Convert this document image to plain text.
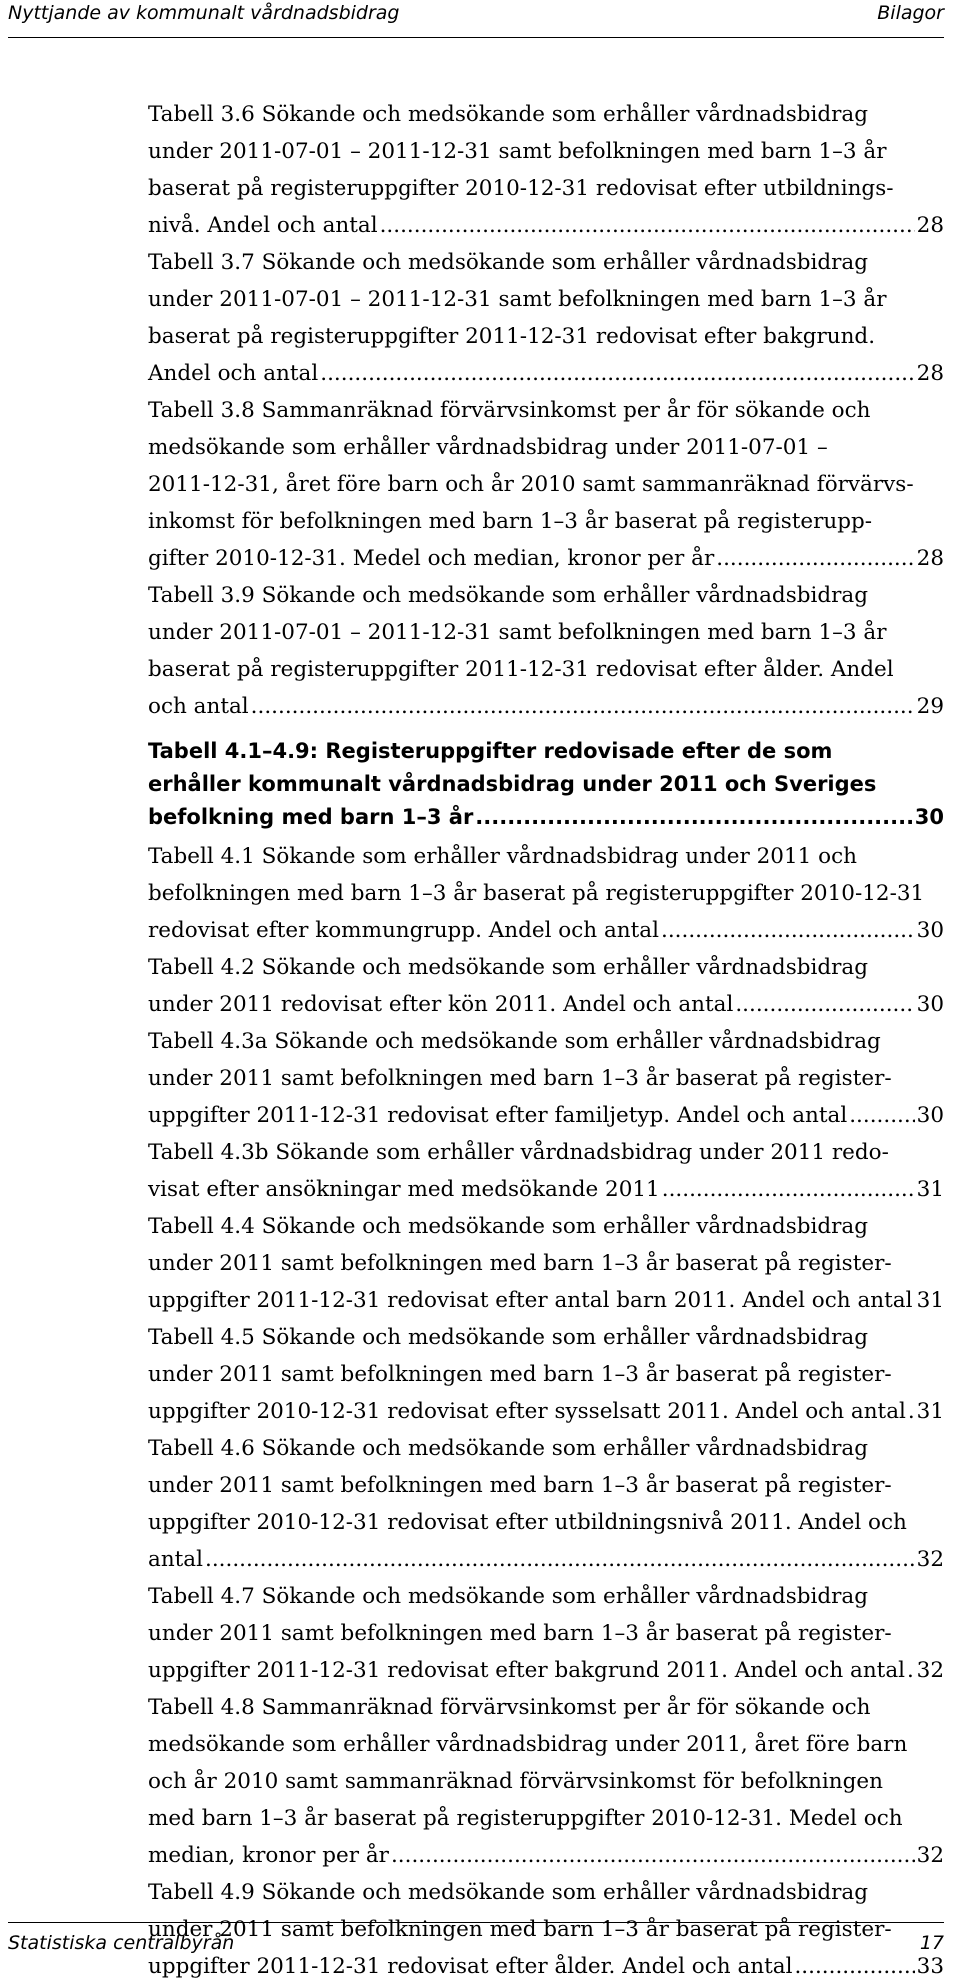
Nyttjande av kommunalt vårdnadsbidrag	Bilagor
Tabell 3.6 Sökande och medsökande som erhåller vårdnadsbidrag
under 2011-07-01 – 2011-12-31 samt befolkningen med barn 1–3 år
baserat på registeruppgifter 2010-12-31 redovisat efter utbildnings-
nivå. Andel och antal .....	28
Tabell 3.7 Sökande och medsökande som erhåller vårdnadsbidrag
under 2011-07-01 – 2011-12-31 samt befolkningen med barn 1–3 år
baserat på registeruppgifter 2011-12-31 redovisat efter bakgrund.
Andel och antal .....	28
Tabell 3.8 Sammanräknad förvärvsinkomst per år för sökande och
medsökande som erhåller vårdnadsbidrag under 2011-07-01 –
2011-12-31, året före barn och år 2010 samt sammanräknad förvärvs-
inkomst för befolkningen med barn 1–3 år baserat på registerupp-
gifter 2010-12-31. Medel och median, kronor per år .....	28
Tabell 3.9 Sökande och medsökande som erhåller vårdnadsbidrag
under 2011-07-01 – 2011-12-31 samt befolkningen med barn 1–3 år
baserat på registeruppgifter 2011-12-31 redovisat efter ålder. Andel
och antal .....	29
Tabell 4.1–4.9: Registeruppgifter redovisade efter de som
erhåller kommunalt vårdnadsbidrag under 2011 och Sveriges
befolkning med barn 1–3 år .....	30
Tabell 4.1 Sökande som erhåller vårdnadsbidrag under 2011 och
befolkningen med barn 1–3 år baserat på registeruppgifter 2010-12-31
redovisat efter kommungrupp. Andel och antal .....	30
Tabell 4.2 Sökande och medsökande som erhåller vårdnadsbidrag
under 2011 redovisat efter kön 2011. Andel och antal .....	30
Tabell 4.3a Sökande och medsökande som erhåller vårdnadsbidrag
under 2011 samt befolkningen med barn 1–3 år baserat på register-
uppgifter 2011-12-31 redovisat efter familjetyp. Andel och antal .....	30
Tabell 4.3b Sökande som erhåller vårdnadsbidrag under 2011 redo-
visat efter ansökningar med medsökande 2011 .....	31
Tabell 4.4 Sökande och medsökande som erhåller vårdnadsbidrag
under 2011 samt befolkningen med barn 1–3 år baserat på register-
uppgifter 2011-12-31 redovisat efter antal barn 2011. Andel och antal ..... 31
Tabell 4.5 Sökande och medsökande som erhåller vårdnadsbidrag
under 2011 samt befolkningen med barn 1–3 år baserat på register-
uppgifter 2010-12-31 redovisat efter sysselsatt 2011. Andel och antal ..... 31
Tabell 4.6 Sökande och medsökande som erhåller vårdnadsbidrag
under 2011 samt befolkningen med barn 1–3 år baserat på register-
uppgifter 2010-12-31 redovisat efter utbildningsnivå 2011. Andel och
antal .....	32
Tabell 4.7 Sökande och medsökande som erhåller vårdnadsbidrag
under 2011 samt befolkningen med barn 1–3 år baserat på register-
uppgifter 2011-12-31 redovisat efter bakgrund 2011. Andel och antal ..... 32
Tabell 4.8 Sammanräknad förvärvsinkomst per år för sökande och
medsökande som erhåller vårdnadsbidrag under 2011, året före barn
och år 2010 samt sammanräknad förvärvsinkomst för befolkningen
med barn 1–3 år baserat på registeruppgifter 2010-12-31. Medel och
median, kronor per år .....	32
Tabell 4.9 Sökande och medsökande som erhåller vårdnadsbidrag
under 2011 samt befolkningen med barn 1–3 år baserat på register-
uppgifter 2011-12-31 redovisat efter ålder. Andel och antal .....	33
Statistiska centralbyrån	17
